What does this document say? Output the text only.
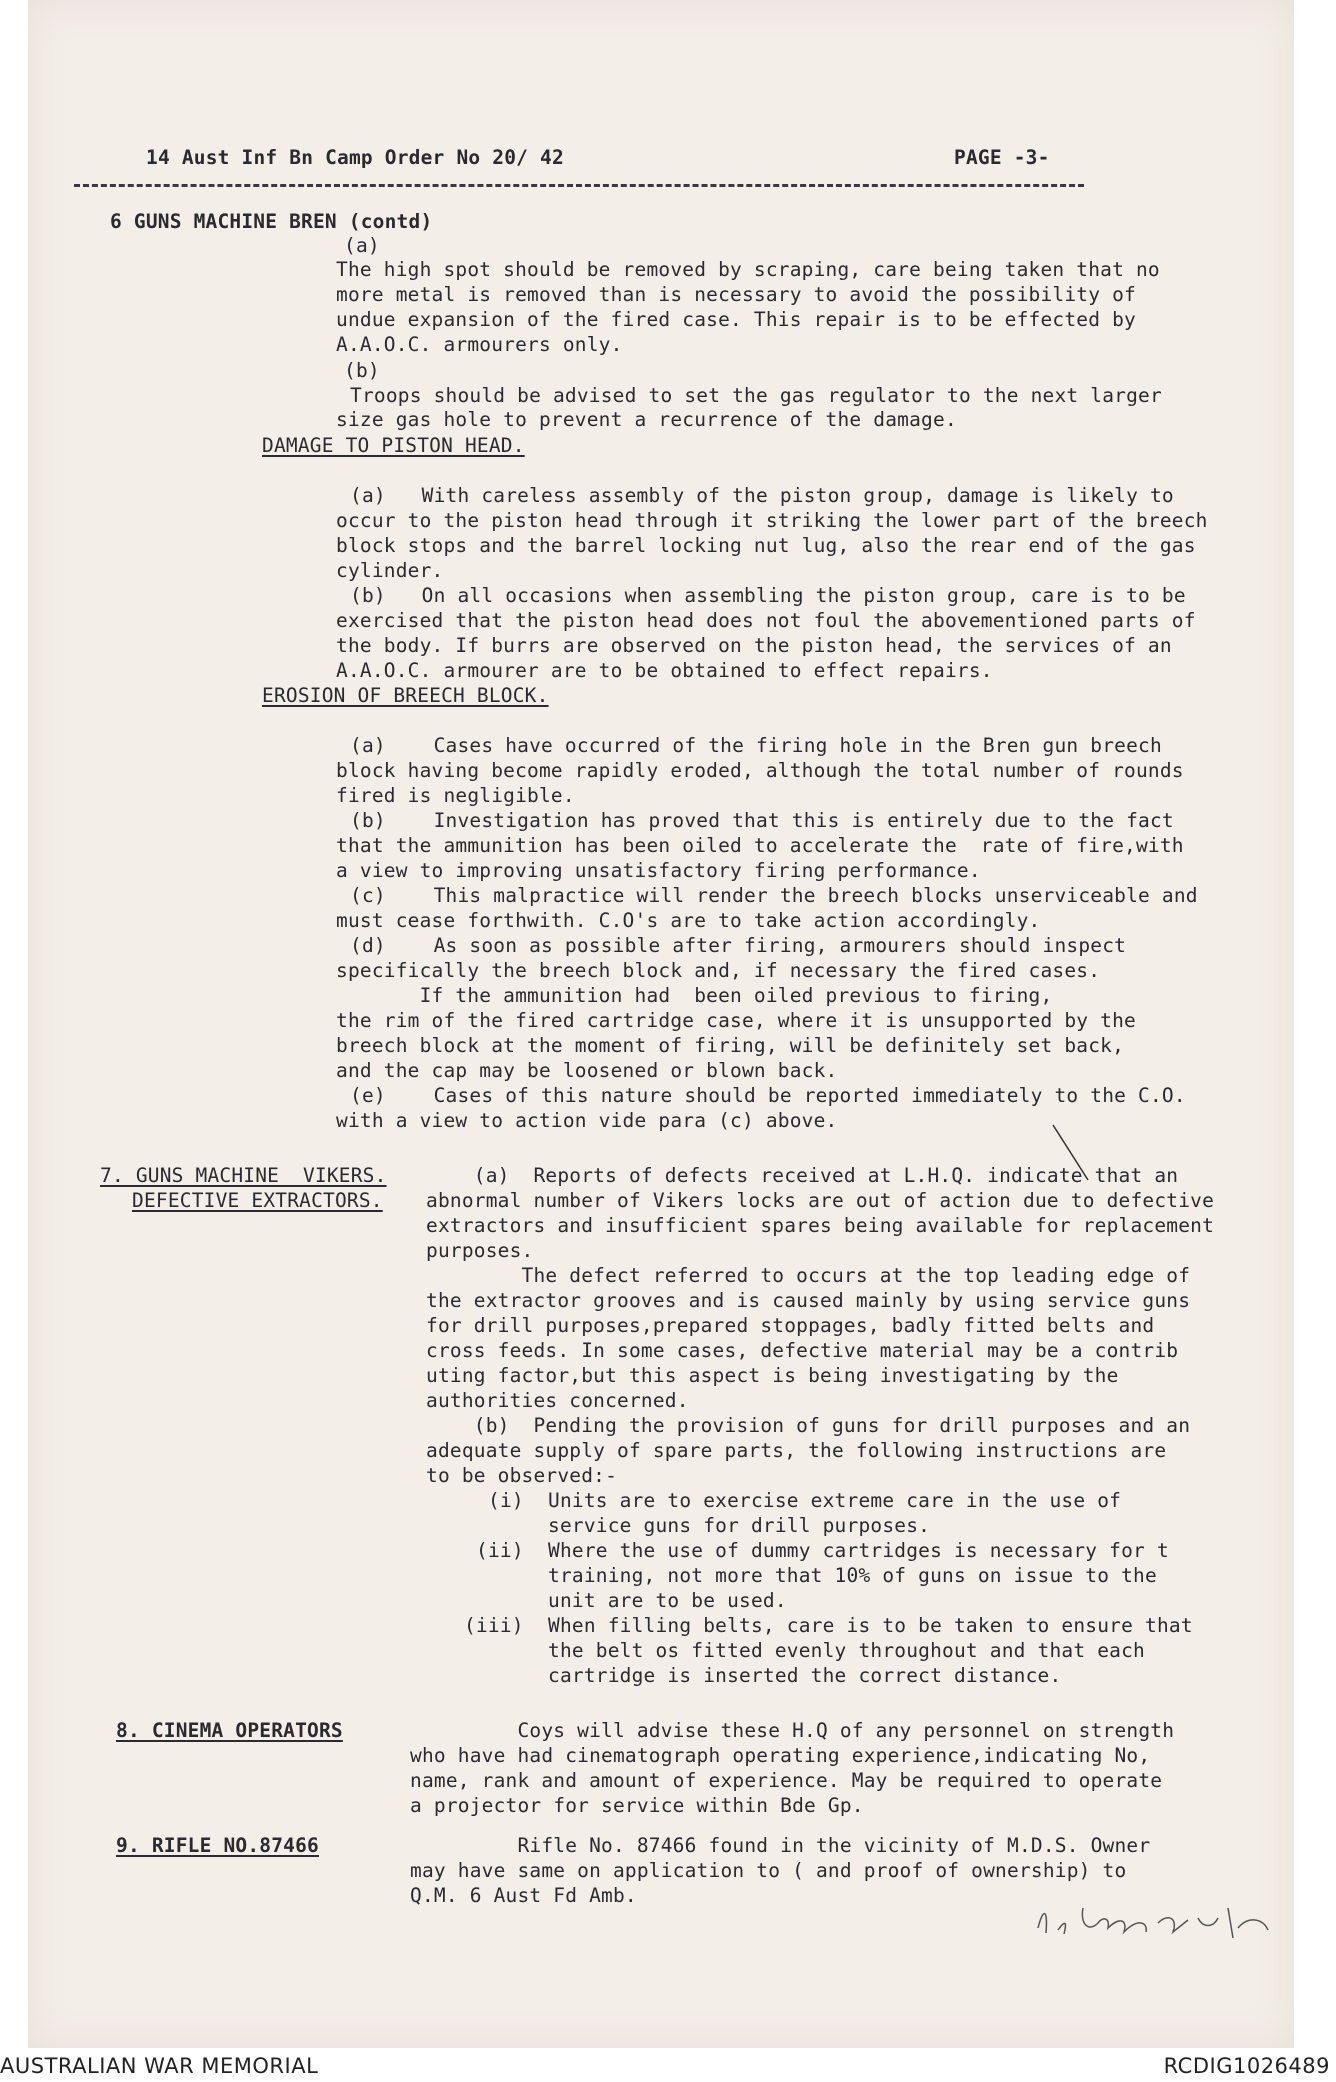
14 Aust Inf Bn Camp Order No 20/ 42	PAGE -3-
6 GUNS MACHINE BREN (contd)
(a)
The high spot should be removed by scraping, care being taken that no
more metal is removed than is necessary to avoid the possibility of
undue expansion of the fired case. This repair is to be effected by
A.A.O.C. armourers only.
(b)
Troops should be advised to set the gas regulator to the next larger
size gas hole to prevent a recurrence of the damage.
DAMAGE TO PISTON HEAD.
(a)   With careless assembly of the piston group, damage is likely to
occur to the piston head through it striking the lower part of the breech
block stops and the barrel locking nut lug, also the rear end of the gas
cylinder.
(b)   On all occasions when assembling the piston group, care is to be
exercised that the piston head does not foul the abovementioned parts of
the body. If burrs are observed on the piston head, the services of an
A.A.O.C. armourer are to be obtained to effect repairs.
EROSION OF BREECH BLOCK.
(a)    Cases have occurred of the firing hole in the Bren gun breech
block having become rapidly eroded, although the total number of rounds
fired is negligible.
(b)    Investigation has proved that this is entirely due to the fact
that the ammunition has been oiled to accelerate the  rate of fire,with
a view to improving unsatisfactory firing performance.
(c)    This malpractice will render the breech blocks unserviceable and
must cease forthwith. C.O's are to take action accordingly.
(d)    As soon as possible after firing, armourers should inspect
specifically the breech block and, if necessary the fired cases.
If the ammunition had  been oiled previous to firing,
the rim of the fired cartridge case, where it is unsupported by the
breech block at the moment of firing, will be definitely set back,
and the cap may be loosened or blown back.
(e)    Cases of this nature should be reported immediately to the C.O.
with a view to action vide para (c) above.
7. GUNS MACHINE  VIKERS.
DEFECTIVE EXTRACTORS.
(a)  Reports of defects received at L.H.Q. indicate that an
abnormal number of Vikers locks are out of action due to defective
extractors and insufficient spares being available for replacement
purposes.
The defect referred to occurs at the top leading edge of
the extractor grooves and is caused mainly by using service guns
for drill purposes,prepared stoppages, badly fitted belts and
cross feeds. In some cases, defective material may be a contrib
uting factor,but this aspect is being investigating by the
authorities concerned.
(b)  Pending the provision of guns for drill purposes and an
adequate supply of spare parts, the following instructions are
to be observed:-
(i) Units are to exercise extreme care in the use of
service guns for drill purposes.
(ii) Where the use of dummy cartridges is necessary for t
training, not more that 10% of guns on issue to the
unit are to be used.
(iii) When filling belts, care is to be taken to ensure that
the belt os fitted evenly throughout and that each
cartridge is inserted the correct distance.
8. CINEMA OPERATORS	Coys will advise these H.Q of any personnel on strength
who have had cinematograph operating experience,indicating No,
name, rank and amount of experience. May be required to operate
a projector for service within Bde Gp.
9. RIFLE NO.87466	Rifle No. 87466 found in the vicinity of M.D.S. Owner
may have same on application to ( and proof of ownership) to
Q.M. 6 Aust Fd Amb.
AUSTRALIAN WAR MEMORIAL	RCDIG1026489
